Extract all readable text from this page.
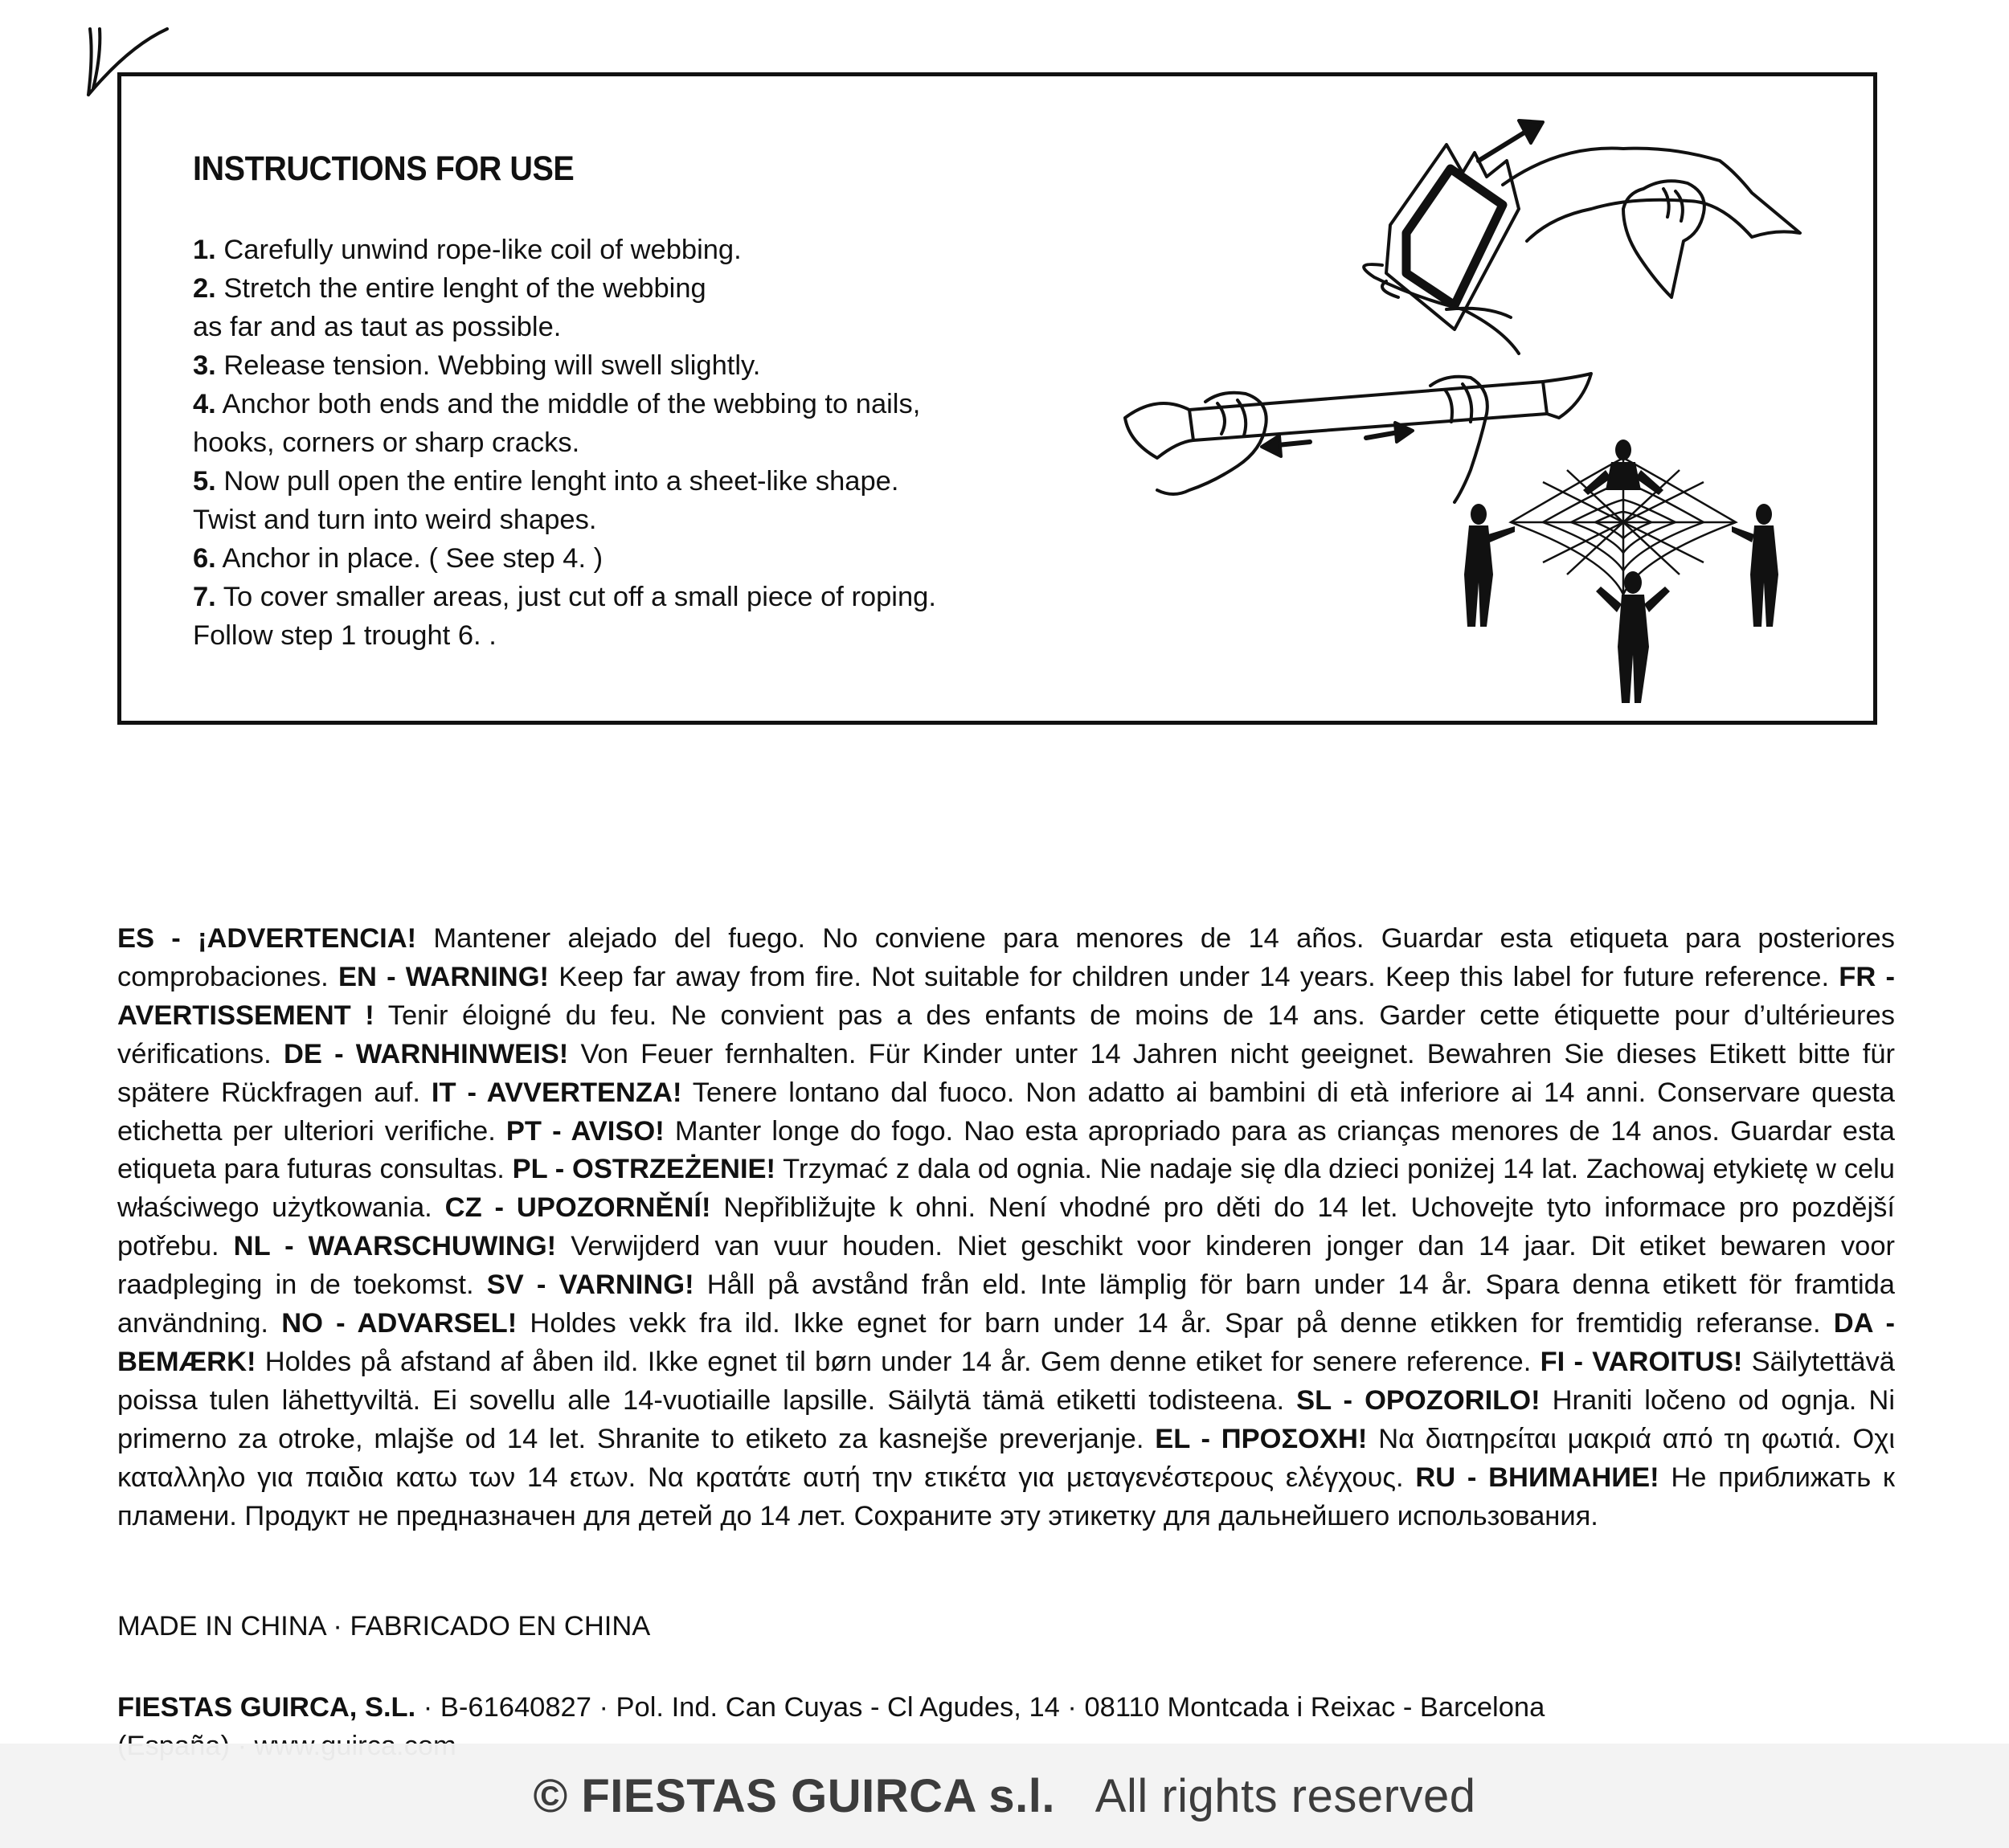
INSTRUCTIONS FOR USE

1. Carefully unwind rope-like coil of webbing.

2. Stretch the entire lenght of the webbing
as far and as taut as possible.

3. Release tension. Webbing will swell slightly.

4. Anchor both ends and the middle of the webbing to nails,
hooks, corners or sharp cracks.

5. Now pull open the entire lenght into a sheet-like shape.
Twist and turn into weird shapes.

6. Anchor in place. ( See step 4. )

7. To cover smaller areas, just cut off a small piece of roping.
Follow step 1 trought 6. .

ES - ¡ADVERTENCIA! Mantener alejado del fuego. No conviene para menores de 14 años. Guardar esta etiqueta para posteriores comprobaciones. EN - WARNING! Keep far away from fire. Not suitable for children under 14 years. Keep this label for future reference. FR - AVERTISSEMENT ! Tenir éloigné du feu. Ne convient pas a des enfants de moins de 14 ans. Garder cette étiquette pour d’ultérieures vérifications. DE - WARNHINWEIS! Von Feuer fernhalten. Für Kinder unter 14 Jahren nicht geeignet. Bewahren Sie dieses Etikett bitte für spätere Rückfragen auf. IT - AVVERTENZA! Tenere lontano dal fuoco. Non adatto ai bambini di età inferiore ai 14 anni. Conservare questa etichetta per ulteriori verifiche. PT - AVISO! Manter longe do fogo. Nao esta apropriado para as crianças menores de 14 anos. Guardar esta etiqueta para futuras consultas. PL - OSTRZEŻENIE! Trzymać z dala od ognia. Nie nadaje się dla dzieci poniżej 14 lat. Zachowaj etykietę w celu właściwego użytkowania. CZ - UPOZORNĚNÍ! Nepřibližujte k ohni. Není vhodné pro děti do 14 let. Uchovejte tyto informace pro pozdější potřebu. NL - WAARSCHUWING! Verwijderd van vuur houden. Niet geschikt voor kinderen jonger dan 14 jaar. Dit etiket bewaren voor raadpleging in de toekomst. SV - VARNING! Håll på avstånd från eld. Inte lämplig för barn under 14 år. Spara denna etikett för framtida användning. NO - ADVARSEL! Holdes vekk fra ild. Ikke egnet for barn under 14 år. Spar på denne etikken for fremtidig referanse. DA - BEMÆRK! Holdes på afstand af åben ild. Ikke egnet til børn under 14 år. Gem denne etiket for senere reference. FI - VAROITUS! Säilytettävä poissa tulen lähettyviltä. Ei sovellu alle 14-vuotiaille lapsille. Säilytä tämä etiketti todisteena. SL - OPOZORILO! Hraniti ločeno od ognja. Ni primerno za otroke, mlajše od 14 let. Shranite to etiketo za kasnejše preverjanje. EL - ΠΡΟΣΟΧΗ! Να διατηρείται μακριά από τη φωτιά. Οχι καταλληλο για παιδια κατω των 14 ετων. Να κρατάτε αυτή την ετικέτα για μεταγενέστερους ελέγχους. RU - ВНИМАНИЕ! Не приближать к пламени. Продукт не предназначен для детей до 14 лет. Сохраните эту этикетку для дальнейшего использования.

MADE IN CHINA · FABRICADO EN CHINA

FIESTAS GUIRCA, S.L. · B-61640827 · Pol. Ind. Can Cuyas - Cl Agudes, 14 · 08110 Montcada i Reixac - Barcelona

© FIESTAS GUIRCA s.l. All rights reserved
